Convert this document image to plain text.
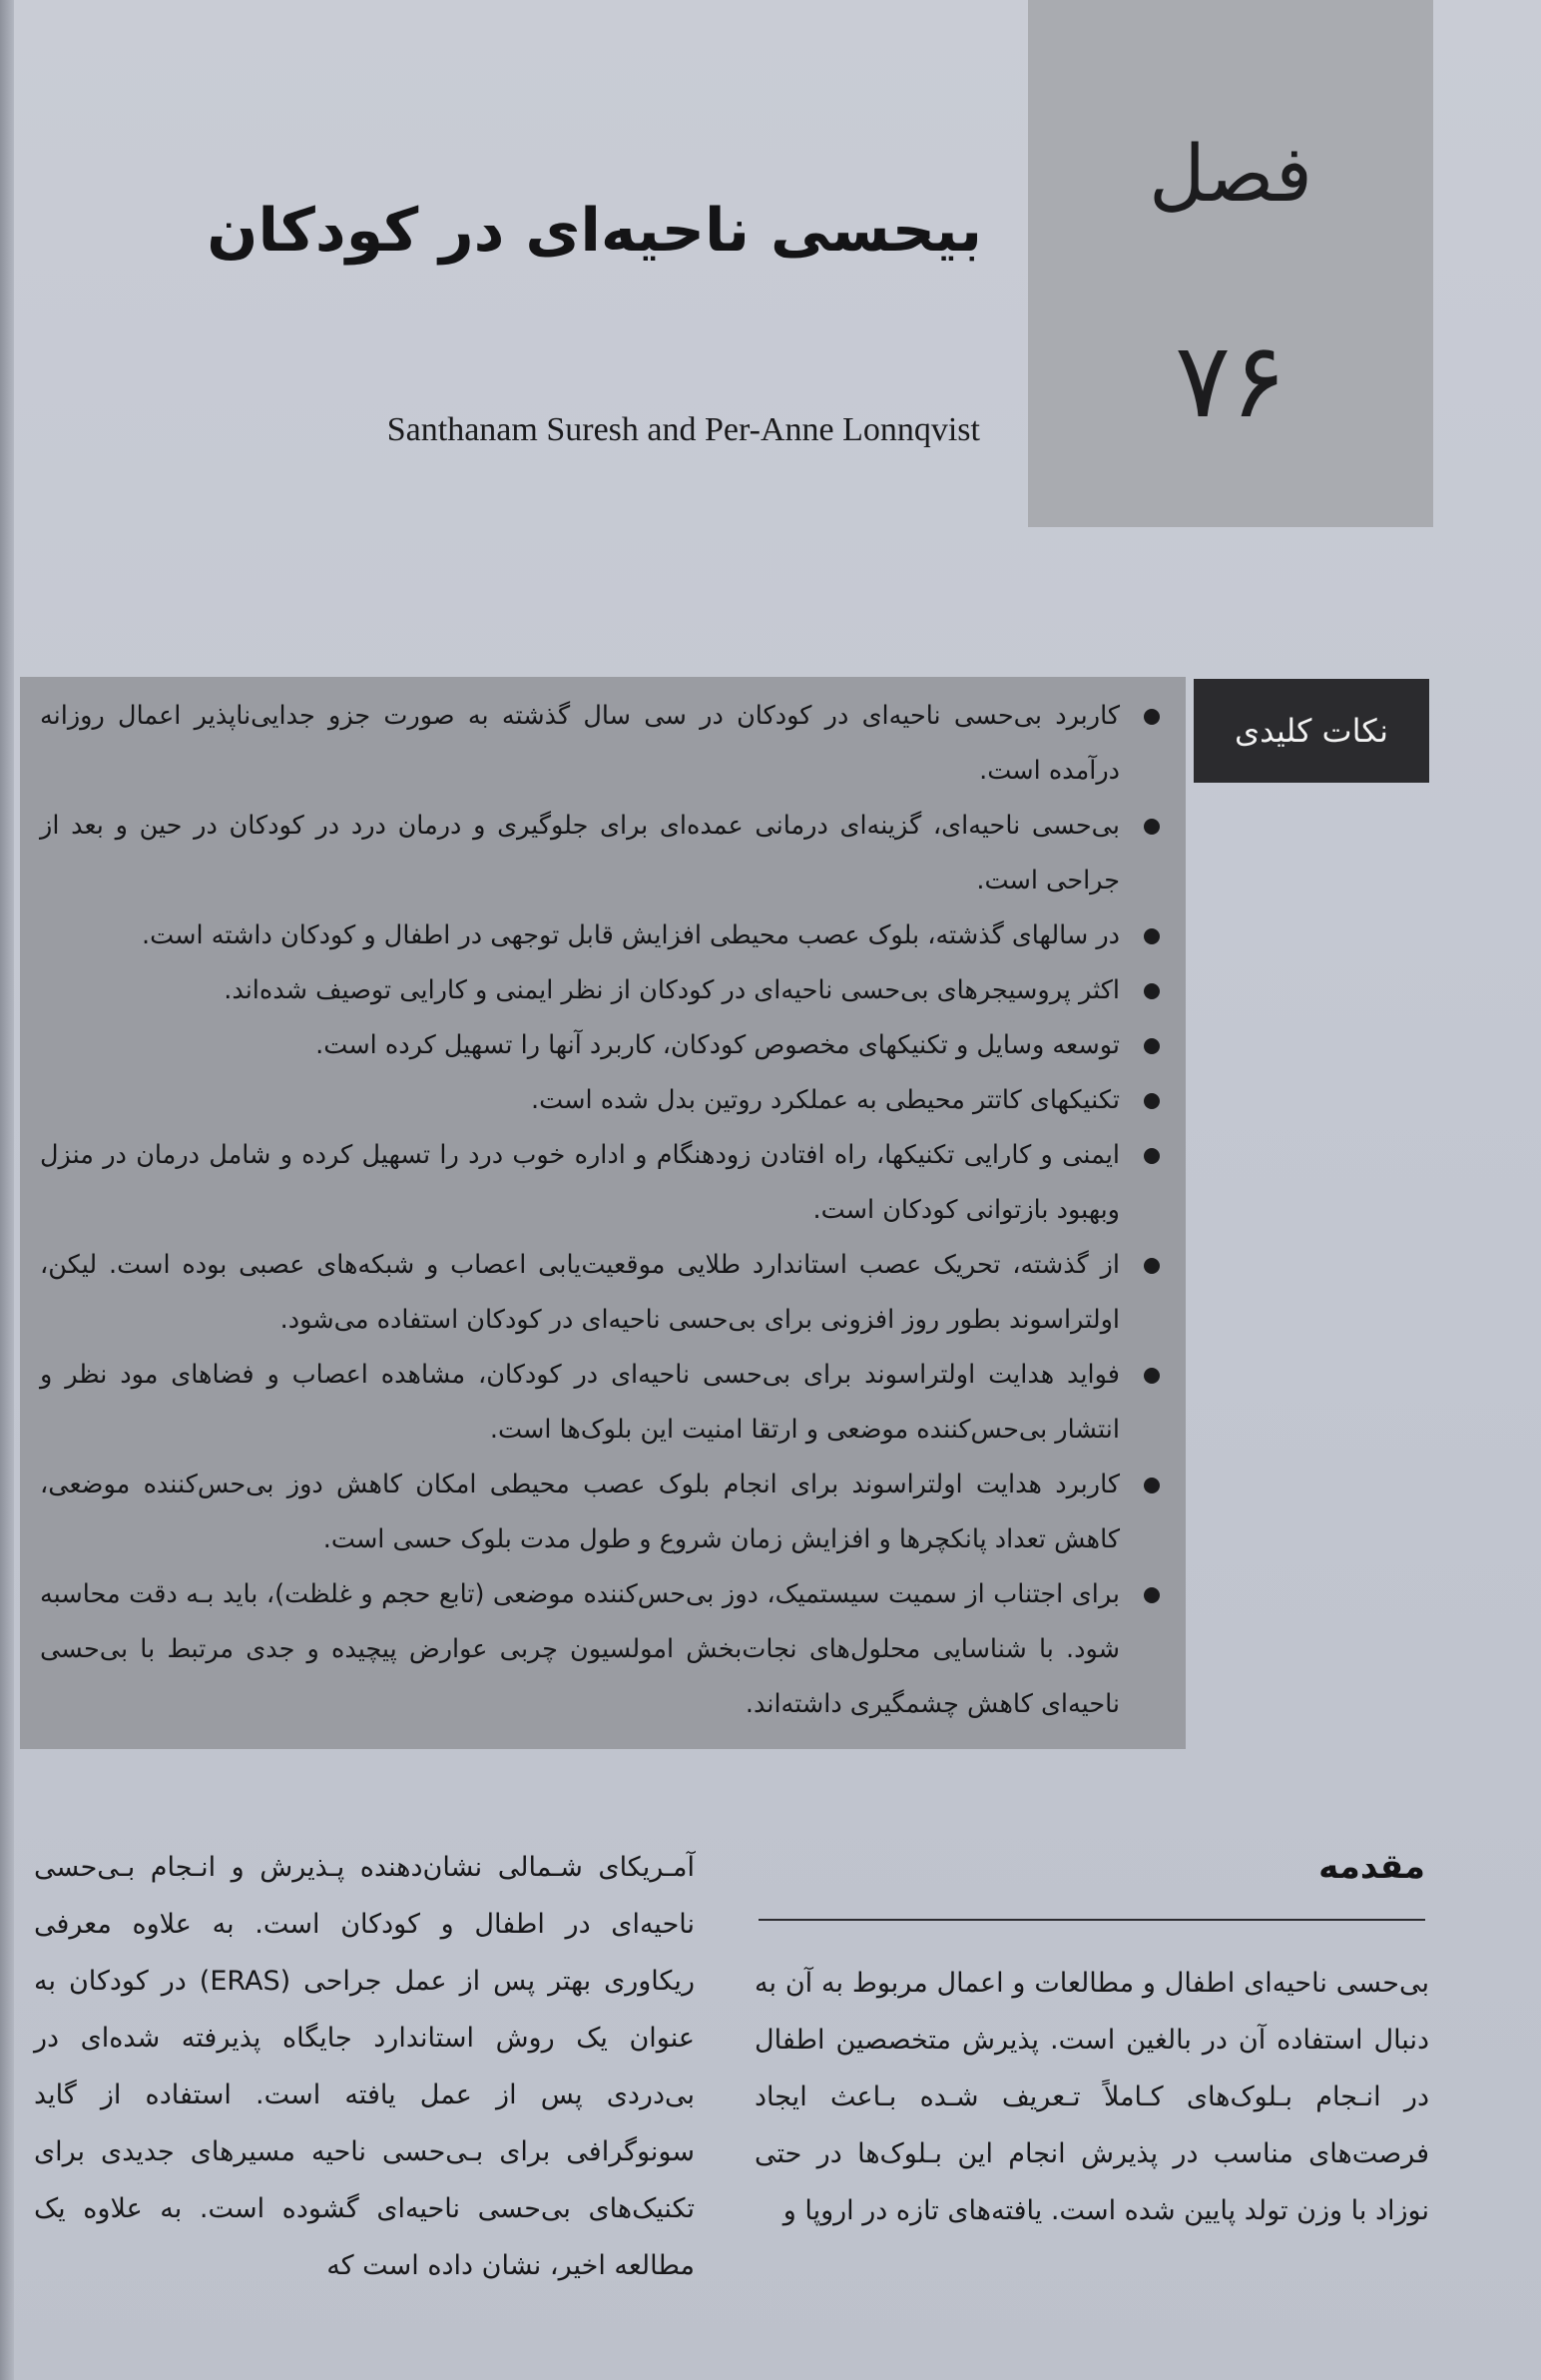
فصل
۷۶
بیحسی ناحیه‌ای در کودکان
Santhanam Suresh and Per-Anne Lonnqvist
نکات کلیدی
کاربرد بی‌حسی ناحیه‌ای در کودکان در سی سال گذشته به صورت جزو جدایی‌ناپذیر اعمال روزانه درآمده است.
بی‌حسی ناحیه‌ای، گزینه‌ای درمانی عمده‌ای برای جلوگیری و درمان درد در کودکان در حین و بعد از جراحی است.
در سالهای گذشته، بلوک عصب محیطی افزایش قابل توجهی در اطفال و کودکان داشته است.
اکثر پروسیجرهای بی‌حسی ناحیه‌ای در کودکان از نظر ایمنی و کارایی توصیف شده‌اند.
توسعه وسایل و تکنیکهای مخصوص کودکان، کاربرد آنها را تسهیل کرده است.
تکنیکهای کاتتر محیطی به عملکرد روتین بدل شده است.
ایمنی و کارایی تکنیکها، راه افتادن زودهنگام و اداره خوب درد را تسهیل کرده و شامل درمان در منزل وبهبود بازتوانی کودکان است.
از گذشته، تحریک عصب استاندارد طلایی موقعیت‌یابی اعصاب و شبکه‌های عصبی بوده است. لیکن، اولتراسوند بطور روز افزونی برای بی‌حسی ناحیه‌ای در کودکان استفاده می‌شود.
فواید هدایت اولتراسوند برای بی‌حسی ناحیه‌ای در کودکان، مشاهده اعصاب و فضاهای مود نظر و انتشار بی‌حس‌کننده موضعی و ارتقا امنیت این بلوک‌ها است.
کاربرد هدایت اولتراسوند برای انجام بلوک عصب محیطی امکان کاهش دوز بی‌حس‌کننده موضعی، کاهش تعداد پانکچرها و افزایش زمان شروع و طول مدت بلوک حسی است.
برای اجتناب از سمیت سیستمیک، دوز بی‌حس‌کننده موضعی (تابع حجم و غلظت)، باید بـه دقت محاسبه شود. با شناسایی محلول‌های نجات‌بخش امولسیون چربی عوارض پیچیده و جدی مرتبط با بی‌حسی ناحیه‌ای کاهش چشمگیری داشته‌اند.
مقدمه

بی‌حسی ناحیه‌ای اطفال و مطالعات و اعمال مربوط به آن به دنبال استفاده آن در بالغین است. پذیرش متخصصین اطفال در انـجام بـلوک‌های کـاملاً تـعریف شـده بـاعث ایجاد فرصت‌های مناسب در پذیرش انجام این بـلوک‌ها در حتی نوزاد با وزن تولد پایین شده است. یافته‌های تازه در اروپا و

آمـریکای شـمالی نشان‌دهنده پـذیرش و انـجام بـی‌حسی ناحیه‌ای در اطفال و کودکان است. به علاوه معرفی ریکاوری بهتر پس از عمل جراحی (ERAS) در کودکان به عنوان یک روش استاندارد جایگاه پذیرفته شده‌ای در بی‌دردی پس از عمل یافته است. استفاده از گاید سونوگرافی برای بـی‌حسی ناحیه مسیرهای جدیدی برای تکنیک‌های بی‌حسی ناحیه‌ای گشوده است. به علاوه یک مطالعه اخیر، نشان داده است که
